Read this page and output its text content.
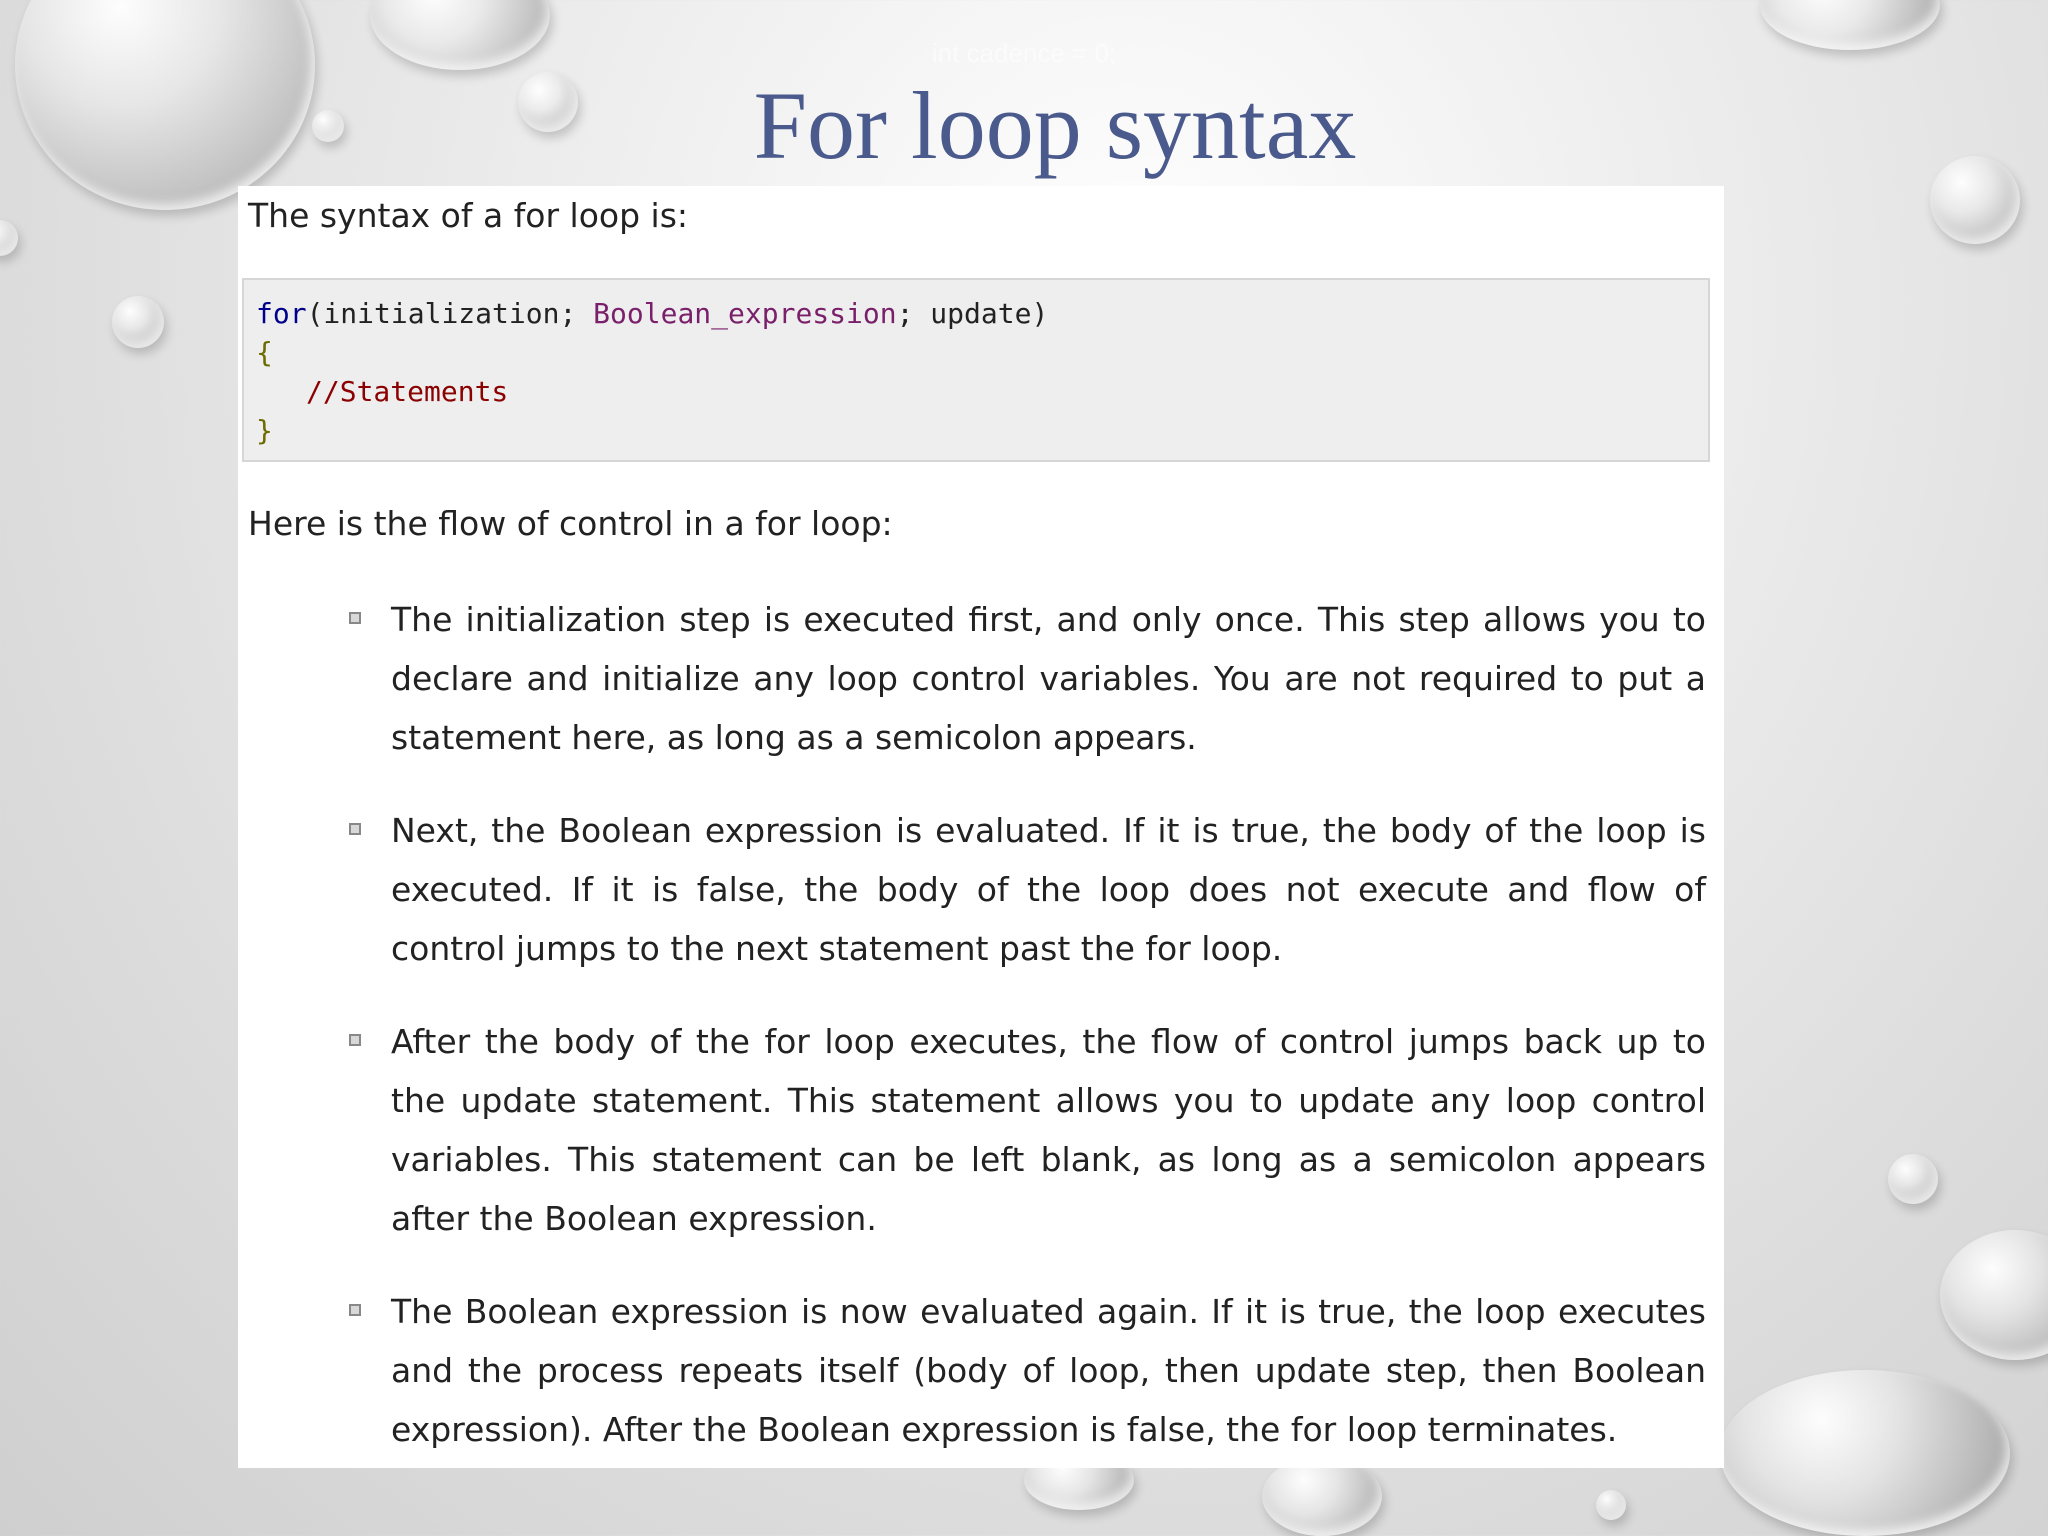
int cadence = 0;
For loop syntax
The syntax of a for loop is:
for(initialization; Boolean_expression; update)
{
//Statements
}
Here is the flow of control in a for loop:
The initialization step is executed first, and only once. This step allows you to declare and initialize any loop control variables. You are not required to put a statement here, as long as a semicolon appears.
Next, the Boolean expression is evaluated. If it is true, the body of the loop is executed. If it is false, the body of the loop does not execute and flow of control jumps to the next statement past the for loop.
After the body of the for loop executes, the flow of control jumps back up to the update statement. This statement allows you to update any loop control variables. This statement can be left blank, as long as a semicolon appears after the Boolean expression.
The Boolean expression is now evaluated again. If it is true, the loop executes and the process repeats itself (body of loop, then update step, then Boolean expression). After the Boolean expression is false, the for loop terminates.
